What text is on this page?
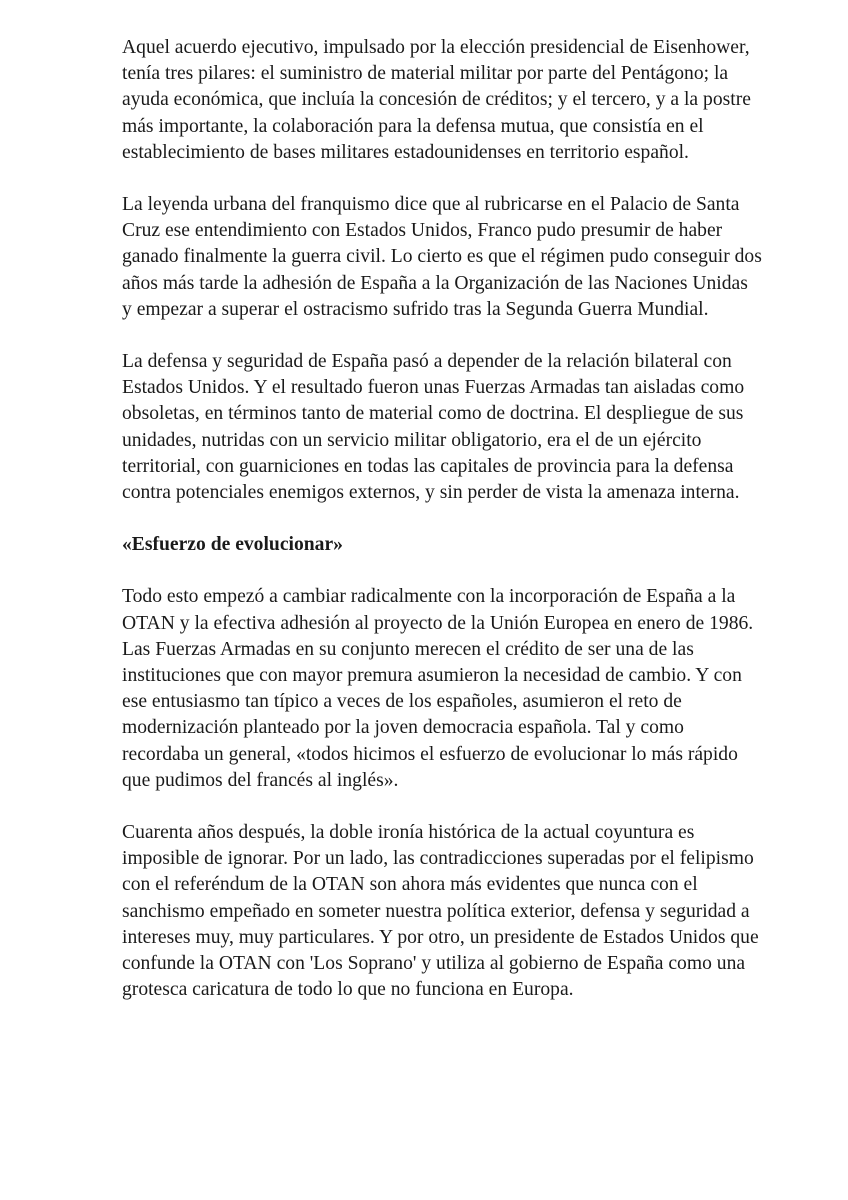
Aquel acuerdo ejecutivo, impulsado por la elección presidencial de Eisenhower, tenía tres pilares: el suministro de material militar por parte del Pentágono; la ayuda económica, que incluía la concesión de créditos; y el tercero, y a la postre más importante, la colaboración para la defensa mutua, que consistía en el establecimiento de bases militares estadounidenses en territorio español.

La leyenda urbana del franquismo dice que al rubricarse en el Palacio de Santa Cruz ese entendimiento con Estados Unidos, Franco pudo presumir de haber ganado finalmente la guerra civil. Lo cierto es que el régimen pudo conseguir dos años más tarde la adhesión de España a la Organización de las Naciones Unidas y empezar a superar el ostracismo sufrido tras la Segunda Guerra Mundial.

La defensa y seguridad de España pasó a depender de la relación bilateral con Estados Unidos. Y el resultado fueron unas Fuerzas Armadas tan aisladas como obsoletas, en términos tanto de material como de doctrina. El despliegue de sus unidades, nutridas con un servicio militar obligatorio, era el de un ejército territorial, con guarniciones en todas las capitales de provincia para la defensa contra potenciales enemigos externos, y sin perder de vista la amenaza interna.

«Esfuerzo de evolucionar»

Todo esto empezó a cambiar radicalmente con la incorporación de España a la OTAN y la efectiva adhesión al proyecto de la Unión Europea en enero de 1986. Las Fuerzas Armadas en su conjunto merecen el crédito de ser una de las instituciones que con mayor premura asumieron la necesidad de cambio. Y con ese entusiasmo tan típico a veces de los españoles, asumieron el reto de modernización planteado por la joven democracia española. Tal y como recordaba un general, «todos hicimos el esfuerzo de evolucionar lo más rápido que pudimos del francés al inglés».

Cuarenta años después, la doble ironía histórica de la actual coyuntura es imposible de ignorar. Por un lado, las contradicciones superadas por el felipismo con el referéndum de la OTAN son ahora más evidentes que nunca con el sanchismo empeñado en someter nuestra política exterior, defensa y seguridad a intereses muy, muy particulares. Y por otro, un presidente de Estados Unidos que confunde la OTAN con 'Los Soprano' y utiliza al gobierno de España como una grotesca caricatura de todo lo que no funciona en Europa.
